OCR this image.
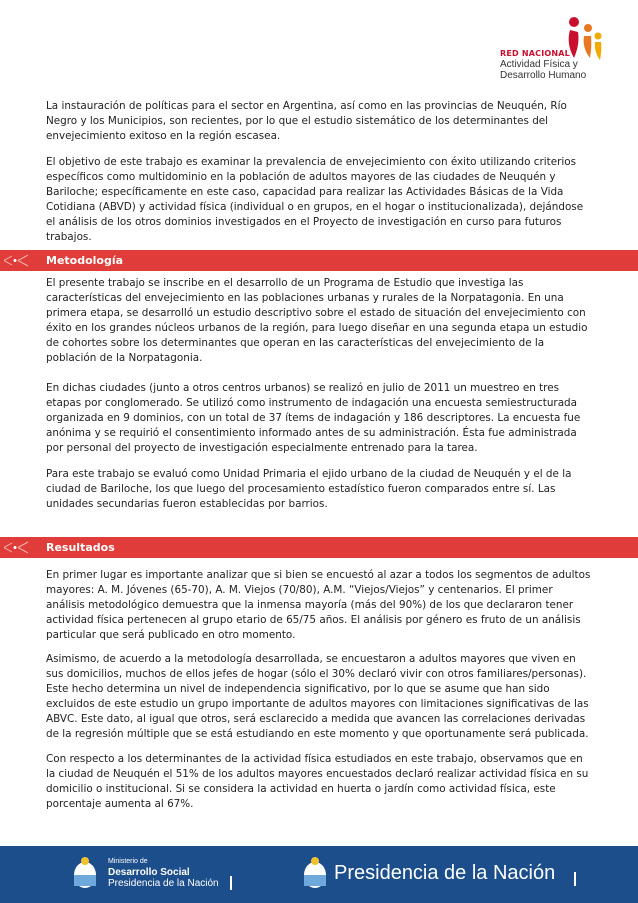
RED NACIONAL
Actividad Física y
Desarrollo Humano

La instauración de políticas para el sector en Argentina, así como en las provincias de Neuquén, Río Negro y los Municipios, son recientes, por lo que el estudio sistemático de los determinantes del envejecimiento exitoso en la región escasea.

El objetivo de este trabajo es examinar la prevalencia de envejecimiento con éxito utilizando criterios específicos como multidominio en la población de adultos mayores de las ciudades de Neuquén y Bariloche; específicamente en este caso, capacidad para realizar las Actividades Básicas de la Vida Cotidiana (ABVD) y actividad física (individual o en grupos, en el hogar o institucionalizada), dejándose el análisis de los otros dominios investigados en el Proyecto de investigación en curso para futuros trabajos.

Metodología

El presente trabajo se inscribe en el desarrollo de un Programa de Estudio que investiga las características del envejecimiento en las poblaciones urbanas y rurales de la Norpatagonia. En una primera etapa, se desarrolló un estudio descriptivo sobre el estado de situación del envejecimiento con éxito en los grandes núcleos urbanos de la región, para luego diseñar en una segunda etapa un estudio de cohortes sobre los determinantes que operan en las características del envejecimiento de la población de la Norpatagonia.

En dichas ciudades (junto a otros centros urbanos) se realizó en julio de 2011 un muestreo en tres etapas por conglomerado. Se utilizó como instrumento de indagación una encuesta semiestructurada organizada en 9 dominios, con un total de 37 ítems de indagación y 186 descriptores. La encuesta fue anónima y se requirió el consentimiento informado antes de su administración. Ésta fue administrada por personal del proyecto de investigación especialmente entrenado para la tarea.

Para este trabajo se evaluó como Unidad Primaria el ejido urbano de la ciudad de Neuquén y el de la ciudad de Bariloche, los que luego del procesamiento estadístico fueron comparados entre sí. Las unidades secundarias fueron establecidas por barrios.

Resultados

En primer lugar es importante analizar que si bien se encuestó al azar a todos los segmentos de adultos mayores: A. M. Jóvenes (65-70), A. M. Viejos (70/80), A.M. “Viejos/Viejos” y centenarios. El primer análisis metodológico demuestra que la inmensa mayoría (más del 90%) de los que declararon tener actividad física pertenecen al grupo etario de 65/75 años. El análisis por género es fruto de un análisis particular que será publicado en otro momento.

Asimismo, de acuerdo a la metodología desarrollada, se encuestaron a adultos mayores que viven en sus domicilios, muchos de ellos jefes de hogar (sólo el 30% declaró vivir con otros familiares/personas). Este hecho determina un nivel de independencia significativo, por lo que se asume que han sido excluidos de este estudio un grupo importante de adultos mayores con limitaciones significativas de las ABVC. Este dato, al igual que otros, será esclarecido a medida que avancen las correlaciones derivadas de la regresión múltiple que se está estudiando en este momento y que oportunamente será publicada.

Con respecto a los determinantes de la actividad física estudiados en este trabajo, observamos que en la ciudad de Neuquén el 51% de los adultos mayores encuestados declaró realizar actividad física en su domicilio o institucional. Si se considera la actividad en huerta o jardín como actividad física, este porcentaje aumenta al 67%.

Ministerio de
Desarrollo Social
Presidencia de la Nación	Presidencia de la Nación
